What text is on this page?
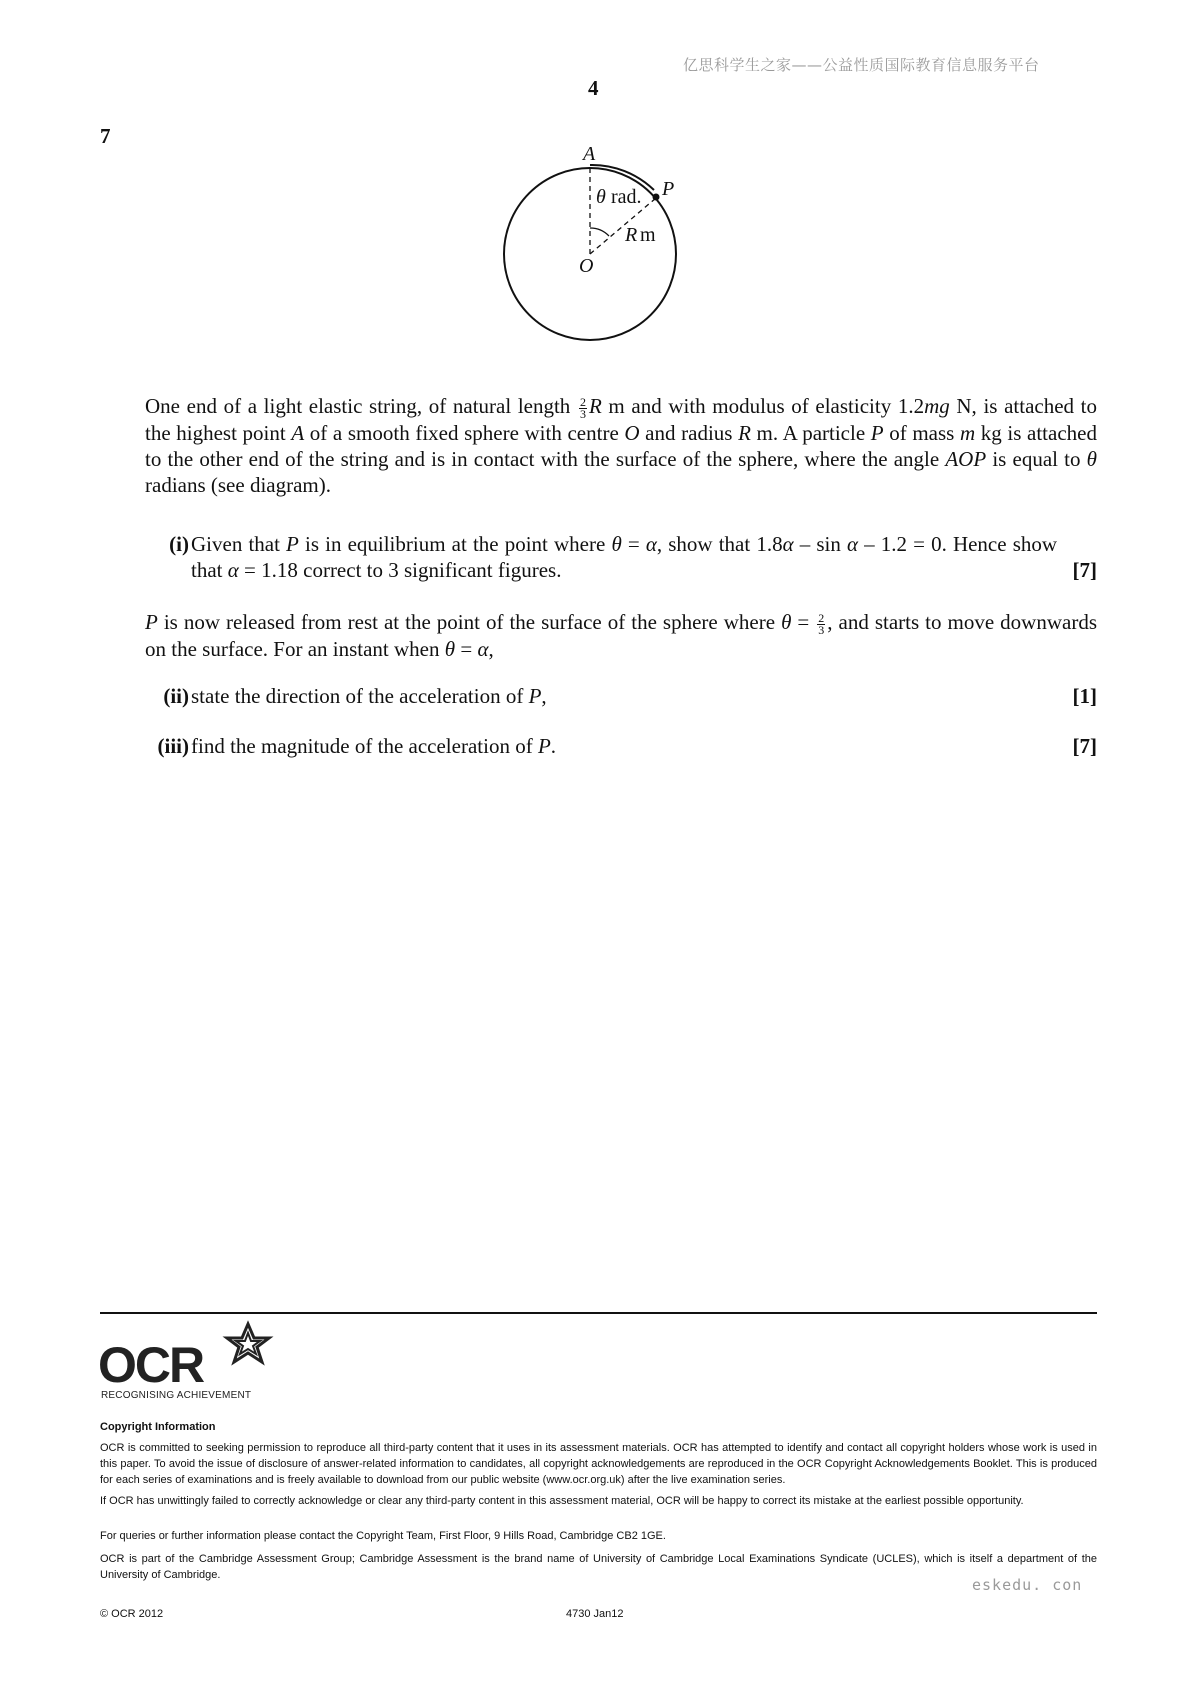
亿思科学生之家——公益性质国际教育信息服务平台
4
7
A
P
O
θ rad.
R m
One end of a light elastic string, of natural length $\frac{2}{3}$ R m and with modulus of elasticity 1.2mg N, is attached to the highest point A of a smooth fixed sphere with centre O and radius R m. A particle P of mass m kg is attached to the other end of the string and is in contact with the surface of the sphere, where the angle AOP is equal to θ radians (see diagram).
(i) Given that P is in equilibrium at the point where θ = α, show that 1.8α – sin α – 1.2 = 0. Hence show that α = 1.18 correct to 3 significant figures.	[7]
P is now released from rest at the point of the surface of the sphere where $\theta = \frac{2}{3}$ , and starts to move downwards on the surface. For an instant when θ = α,
(ii) state the direction of the acceleration of P,	[1]
(iii) find the magnitude of the acceleration of P.	[7]
OCR
RECOGNISING ACHIEVEMENT
Copyright Information
OCR is committed to seeking permission to reproduce all third-party content that it uses in its assessment materials. OCR has attempted to identify and contact all copyright holders whose work is used in this paper. To avoid the issue of disclosure of answer-related information to candidates, all copyright acknowledgements are reproduced in the OCR Copyright Acknowledgements Booklet. This is produced for each series of examinations and is freely available to download from our public website (www.ocr.org.uk) after the live examination series.
If OCR has unwittingly failed to correctly acknowledge or clear any third-party content in this assessment material, OCR will be happy to correct its mistake at the earliest possible opportunity.
For queries or further information please contact the Copyright Team, First Floor, 9 Hills Road, Cambridge CB2 1GE.
OCR is part of the Cambridge Assessment Group; Cambridge Assessment is the brand name of University of Cambridge Local Examinations Syndicate (UCLES), which is itself a department of the University of Cambridge.
eskedu. con
© OCR 2012	4730 Jan12
